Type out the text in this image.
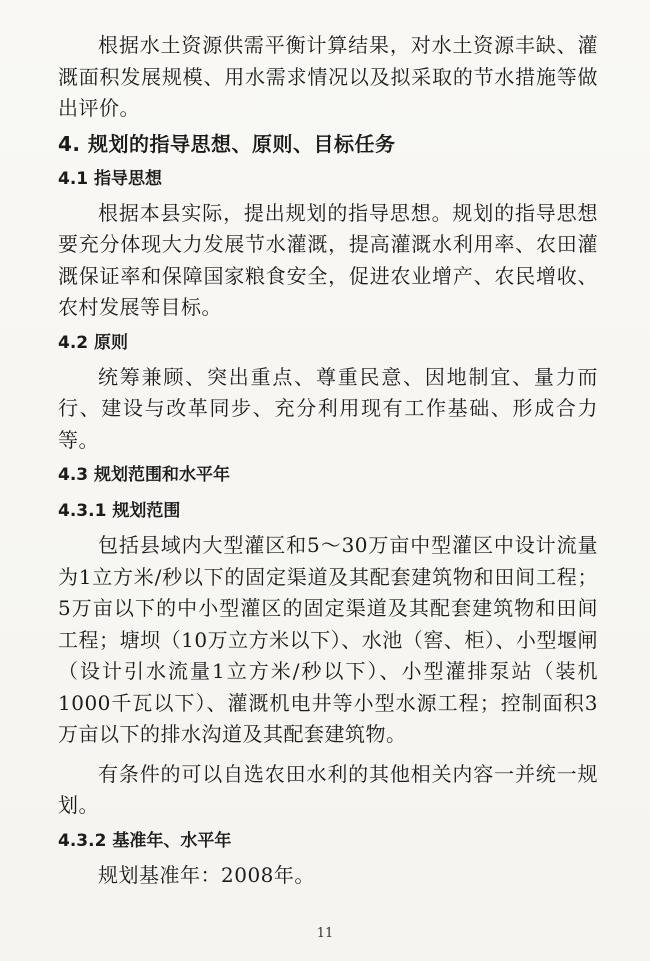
根据水土资源供需平衡计算结果，对水土资源丰缺、灌溉面积发展规模、用水需求情况以及拟采取的节水措施等做出评价。

4. 规划的指导思想、原则、目标任务
4.1 指导思想

根据本县实际，提出规划的指导思想。规划的指导思想要充分体现大力发展节水灌溉，提高灌溉水利用率、农田灌溉保证率和保障国家粮食安全，促进农业增产、农民增收、农村发展等目标。

4.2 原则

统筹兼顾、突出重点、尊重民意、因地制宜、量力而行、建设与改革同步、充分利用现有工作基础、形成合力等。

4.3 规划范围和水平年
4.3.1 规划范围

包括县域内大型灌区和5～30万亩中型灌区中设计流量为1立方米/秒以下的固定渠道及其配套建筑物和田间工程；5万亩以下的中小型灌区的固定渠道及其配套建筑物和田间工程；塘坝（10万立方米以下）、水池（窖、柜）、小型堰闸（设计引水流量1立方米/秒以下）、小型灌排泵站（装机1000千瓦以下）、灌溉机电井等小型水源工程；控制面积3万亩以下的排水沟道及其配套建筑物。

有条件的可以自选农田水利的其他相关内容一并统一规划。

4.3.2 基准年、水平年

规划基准年：2008年。

11
